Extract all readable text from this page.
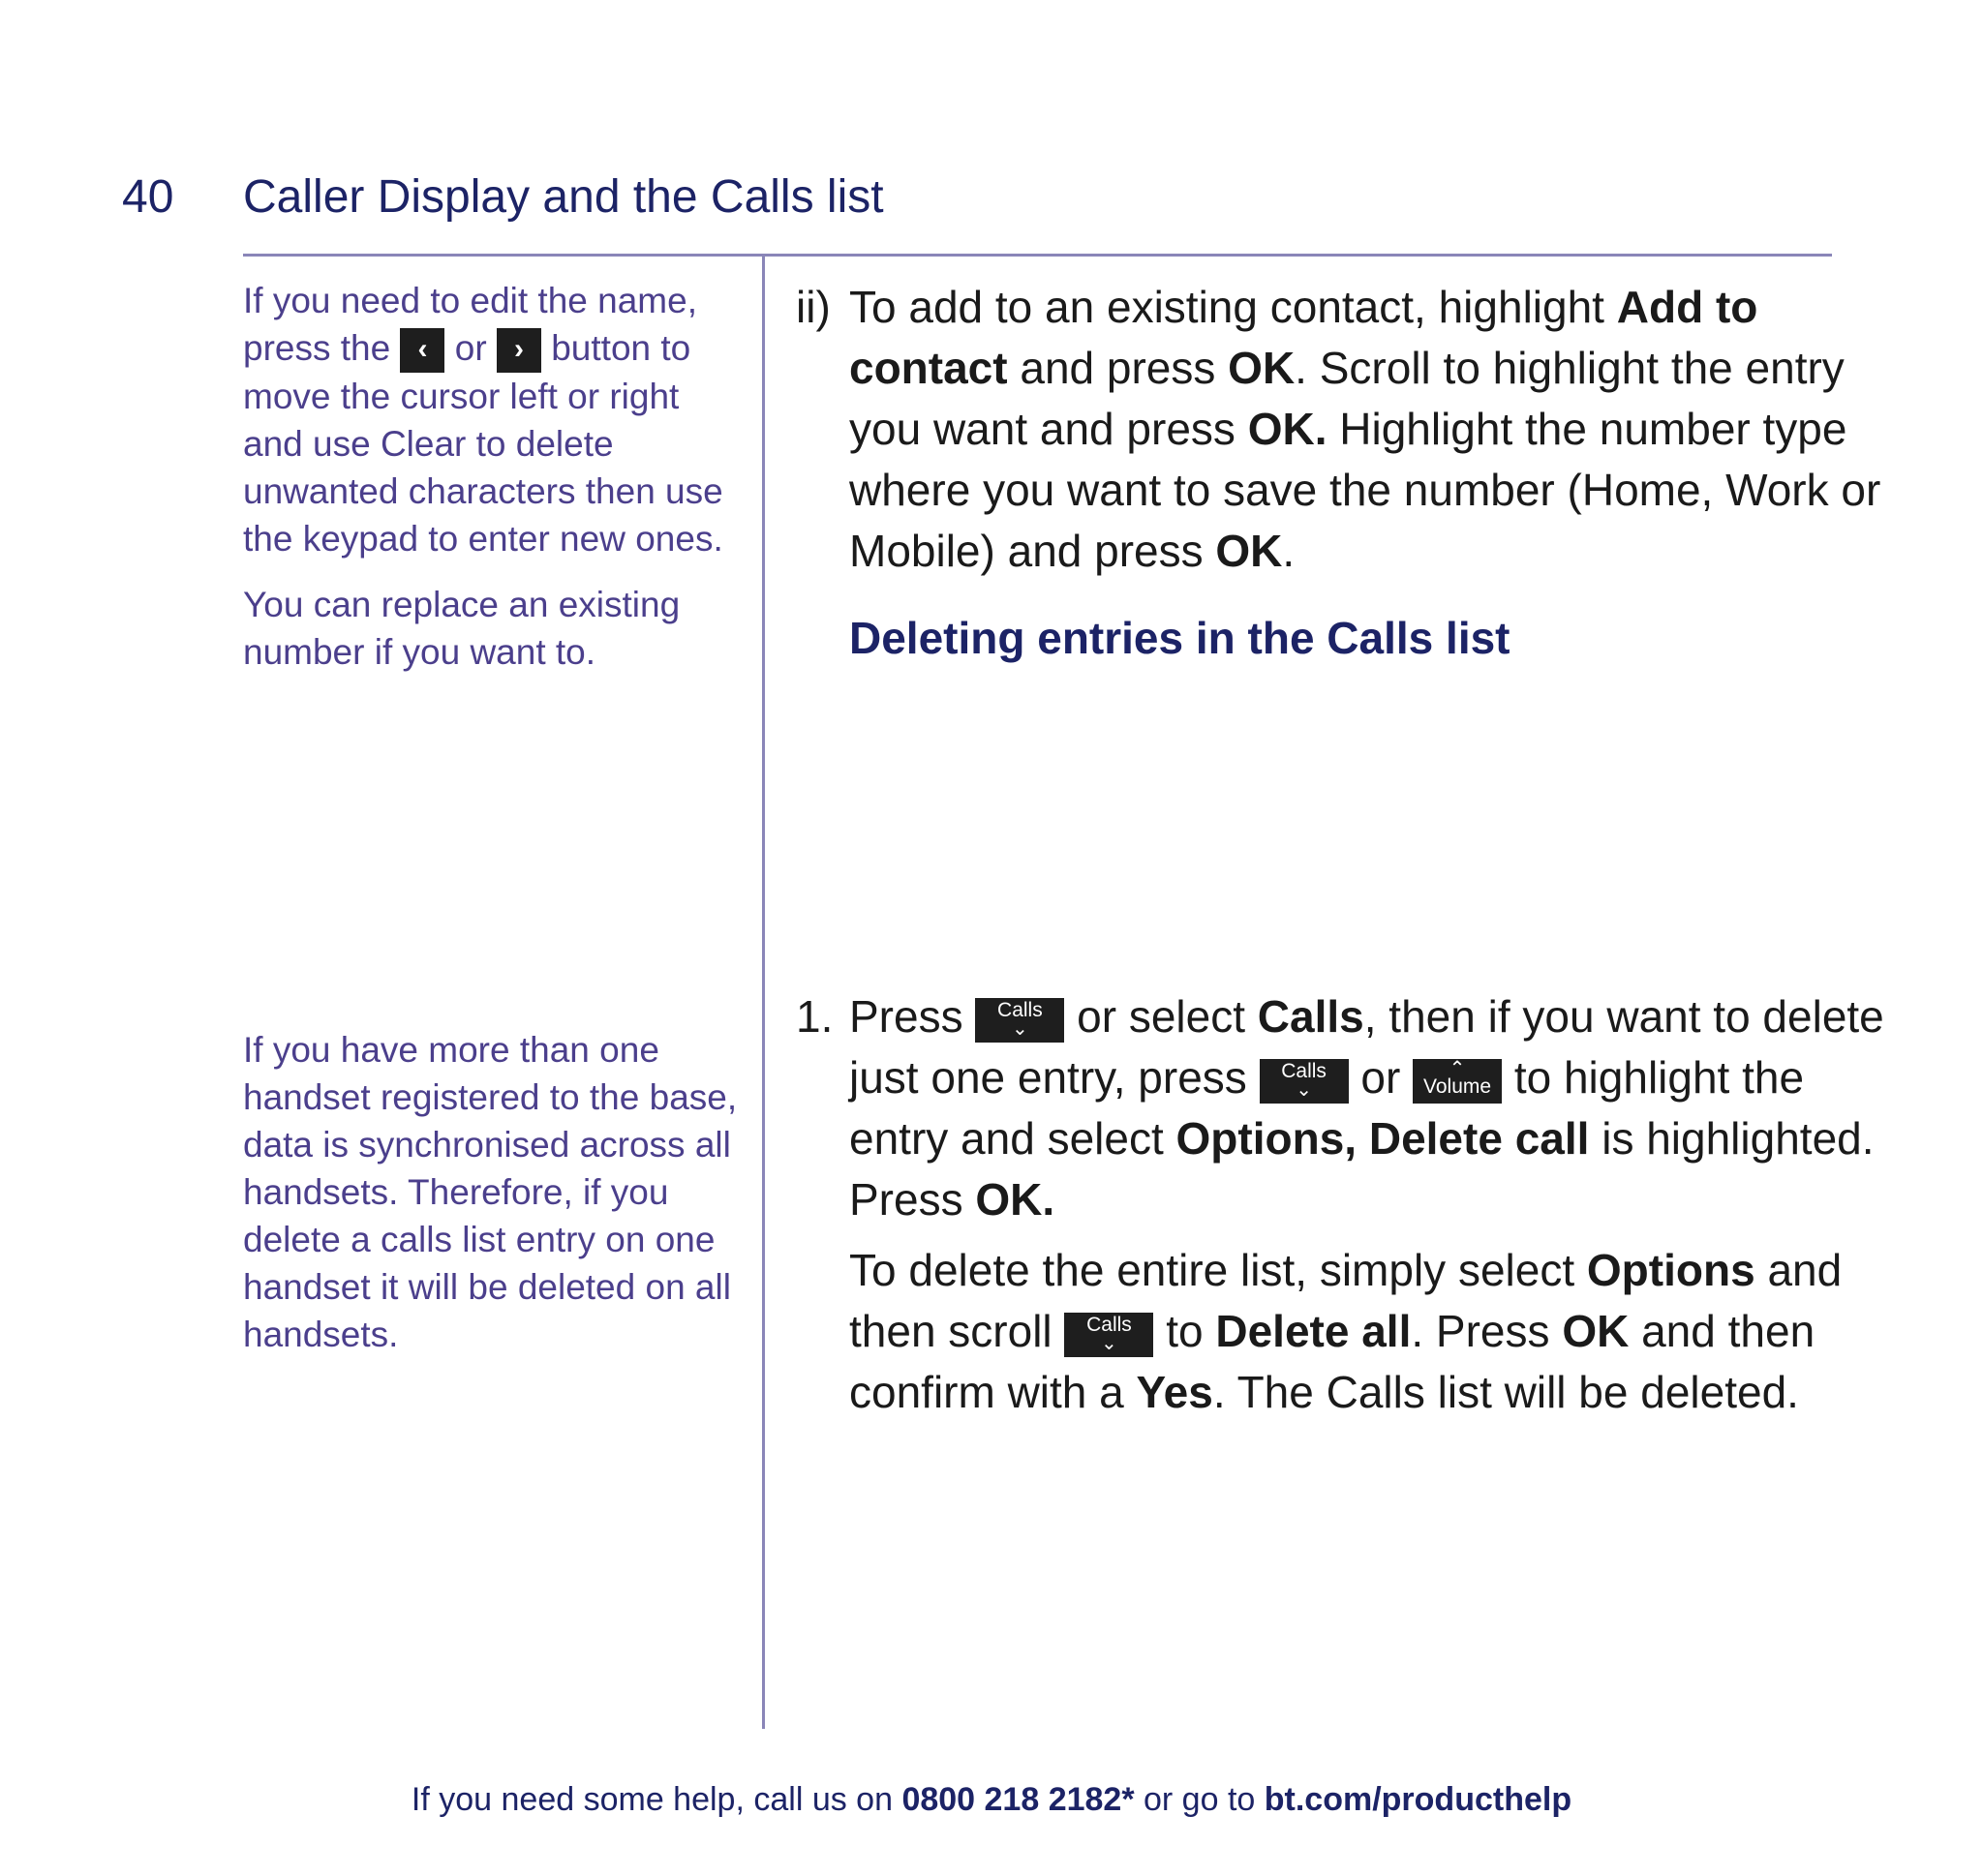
40 Caller Display and the Calls list

If you need to edit the name, press the ‹ or › button to move the cursor left or right and use Clear to delete unwanted characters then use the keypad to enter new ones.

You can replace an existing number if you want to.

If you have more than one handset registered to the base, data is synchronised across all handsets. Therefore, if you delete a calls list entry on one handset it will be deleted on all handsets.

ii) To add to an existing contact, highlight Add to contact and press OK. Scroll to highlight the entry you want and press OK. Highlight the number type where you want to save the number (Home, Work or Mobile) and press OK.

Deleting entries in the Calls list
1. Press Calls
⌄ or select Calls, then if you want to delete just one entry, press Calls
⌄ or	⌃
Volume to highlight the entry and select Options, Delete call is highlighted. Press OK.

To delete the entire list, simply select Options and then scroll Calls
⌄ to Delete all. Press OK and then confirm with a Yes. The Calls list will be deleted.

If you need some help, call us on 0800 218 2182* or go to bt.com/producthelp
